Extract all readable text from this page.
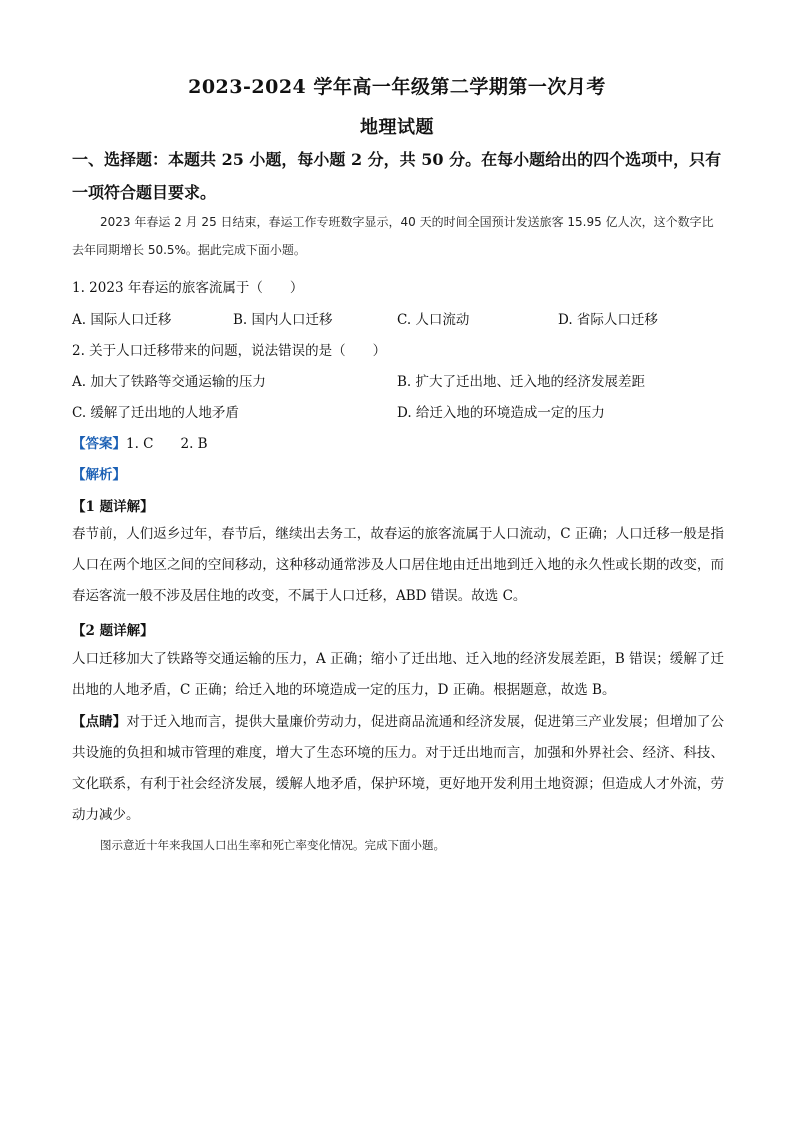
2023-2024 学年高一年级第二学期第一次月考
地理试题
一、选择题：本题共 25 小题，每小题 2 分，共 50 分。在每小题给出的四个选项中，只有一项符合题目要求。
2023 年春运 2 月 25 日结束，春运工作专班数字显示，40 天的时间全国预计发送旅客 15.95 亿人次，这个数字比去年同期增长 50.5%。据此完成下面小题。
1. 2023 年春运的旅客流属于（　　）
A. 国际人口迁移	B. 国内人口迁移	C. 人口流动	D. 省际人口迁移
2. 关于人口迁移带来的问题，说法错误的是（　　）
A. 加大了铁路等交通运输的压力	B. 扩大了迁出地、迁入地的经济发展差距
C. 缓解了迁出地的人地矛盾	D. 给迁入地的环境造成一定的压力
【答案】1. C　　2. B
【解析】
【1 题详解】
春节前，人们返乡过年，春节后，继续出去务工，故春运的旅客流属于人口流动，C 正确；人口迁移一般是指人口在两个地区之间的空间移动，这种移动通常涉及人口居住地由迁出地到迁入地的永久性或长期的改变，而春运客流一般不涉及居住地的改变，不属于人口迁移，ABD 错误。故选 C。
【2 题详解】
人口迁移加大了铁路等交通运输的压力，A 正确；缩小了迁出地、迁入地的经济发展差距，B 错误；缓解了迁出地的人地矛盾，C 正确；给迁入地的环境造成一定的压力，D 正确。根据题意，故选 B。
【点睛】对于迁入地而言，提供大量廉价劳动力，促进商品流通和经济发展，促进第三产业发展；但增加了公共设施的负担和城市管理的难度，增大了生态环境的压力。对于迁出地而言，加强和外界社会、经济、科技、文化联系，有利于社会经济发展，缓解人地矛盾，保护环境，更好地开发利用土地资源；但造成人才外流，劳动力减少。
图示意近十年来我国人口出生率和死亡率变化情况。完成下面小题。
